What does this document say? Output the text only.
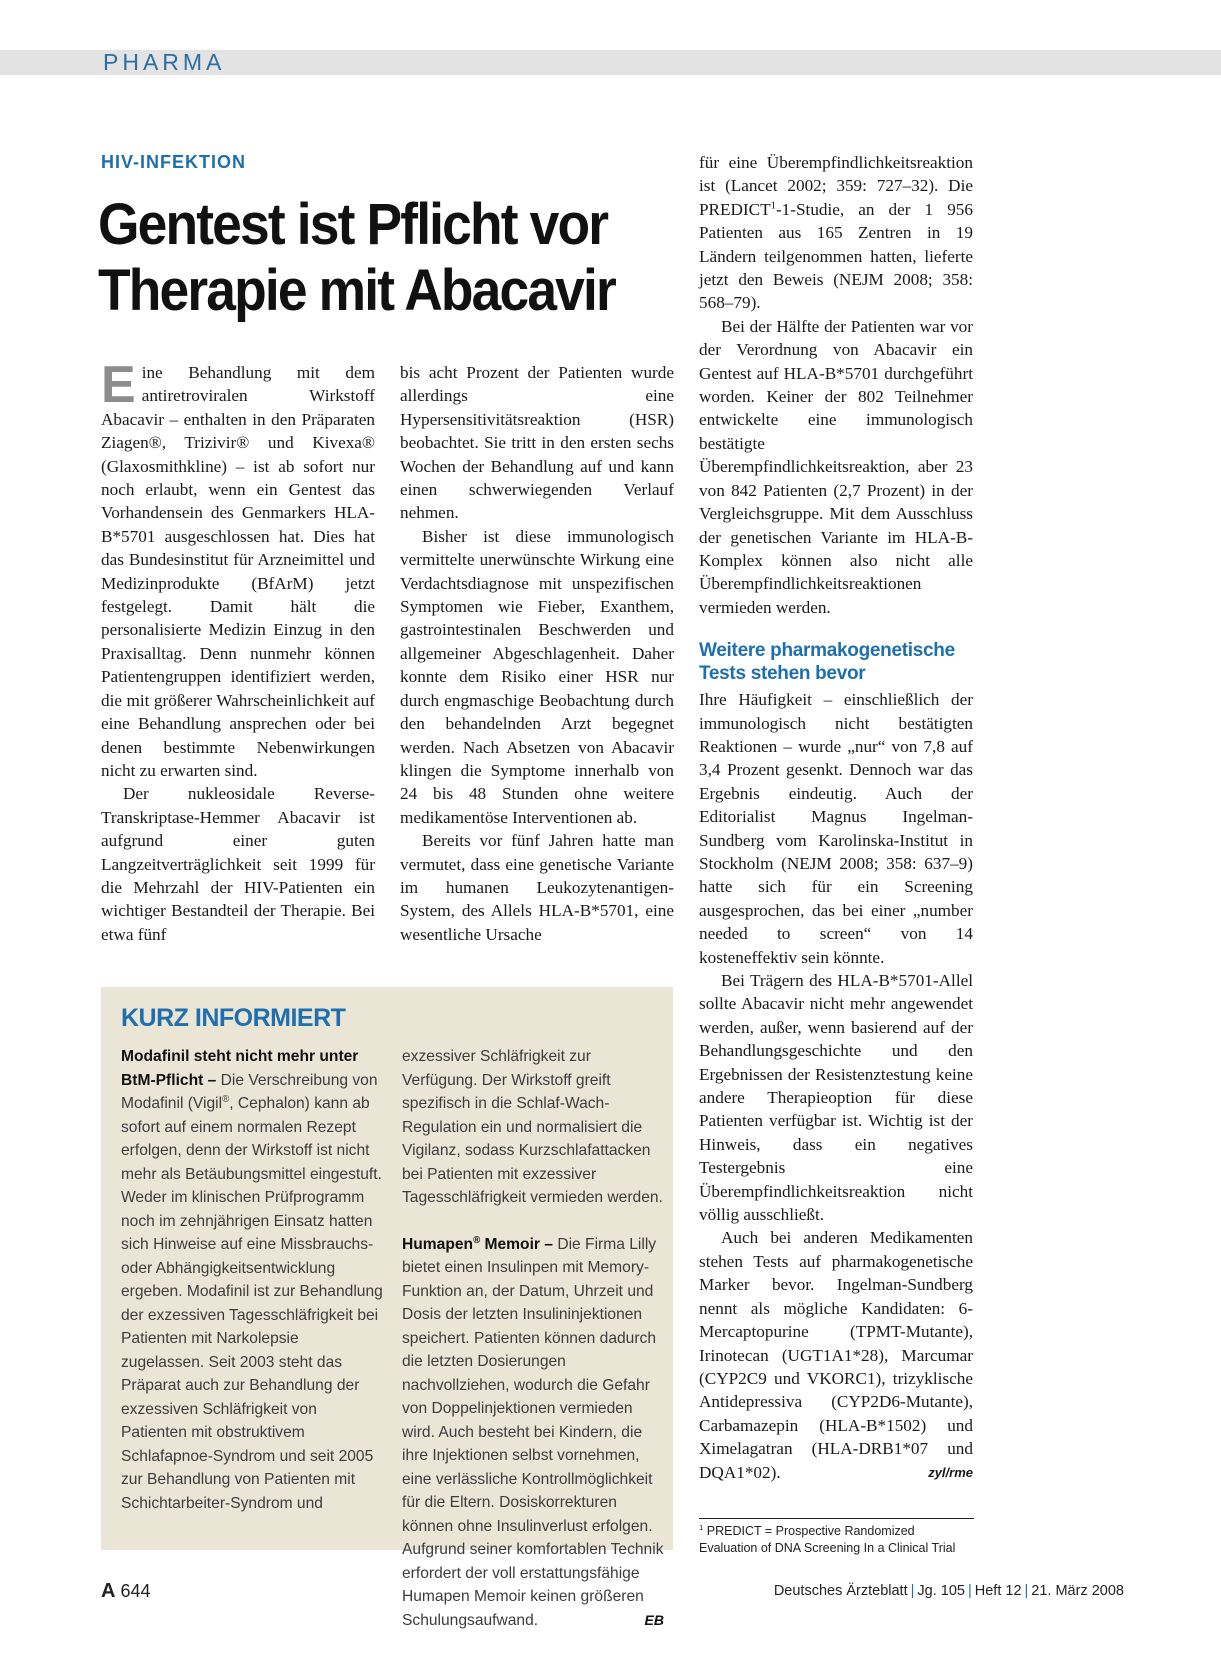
PHARMA
HIV-INFEKTION
Gentest ist Pflicht vor
Therapie mit Abacavir

Eine Behandlung mit dem antiretroviralen Wirkstoff Abacavir – enthalten in den Präparaten Ziagen®, Trizivir® und Kivexa® (Glaxosmithkline) – ist ab sofort nur noch erlaubt, wenn ein Gentest das Vorhandensein des Genmarkers HLA-B*5701 ausgeschlossen hat. Dies hat das Bundesinstitut für Arzneimittel und Medizinprodukte (BfArM) jetzt festgelegt. Damit hält die personalisierte Medizin Einzug in den Praxisalltag. Denn nunmehr können Patientengruppen identifiziert werden, die mit größerer Wahrscheinlichkeit auf eine Behandlung ansprechen oder bei denen bestimmte Nebenwirkungen nicht zu erwarten sind.

Der nukleosidale Reverse-Transkriptase-Hemmer Abacavir ist aufgrund einer guten Langzeitverträglichkeit seit 1999 für die Mehrzahl der HIV-Patienten ein wichtiger Bestandteil der Therapie. Bei etwa fünf

bis acht Prozent der Patienten wurde allerdings eine Hypersensitivitätsreaktion (HSR) beobachtet. Sie tritt in den ersten sechs Wochen der Behandlung auf und kann einen schwerwiegenden Verlauf nehmen.

Bisher ist diese immunologisch vermittelte unerwünschte Wirkung eine Verdachtsdiagnose mit unspezifischen Symptomen wie Fieber, Exanthem, gastrointestinalen Beschwerden und allgemeiner Abgeschlagenheit. Daher konnte dem Risiko einer HSR nur durch engmaschige Beobachtung durch den behandelnden Arzt begegnet werden. Nach Absetzen von Abacavir klingen die Symptome innerhalb von 24 bis 48 Stunden ohne weitere medikamentöse Interventionen ab.

Bereits vor fünf Jahren hatte man vermutet, dass eine genetische Variante im humanen Leukozytenantigen-System, des Allels HLA-B*5701, eine wesentliche Ursache

für eine Überempfindlichkeitsreaktion ist (Lancet 2002; 359: 727–32). Die PREDICT$^1$-1-Studie, an der 1 956 Patienten aus 165 Zentren in 19 Ländern teilgenommen hatten, lieferte jetzt den Beweis (NEJM 2008; 358: 568–79).

Bei der Hälfte der Patienten war vor der Verordnung von Abacavir ein Gentest auf HLA-B*5701 durchgeführt worden. Keiner der 802 Teilnehmer entwickelte eine immunologisch bestätigte Überempfindlichkeitsreaktion, aber 23 von 842 Patienten (2,7 Prozent) in der Vergleichsgruppe. Mit dem Ausschluss der genetischen Variante im HLA-B-Komplex können also nicht alle Überempfindlichkeitsreaktionen vermieden werden.

Weitere pharmakogenetische Tests stehen bevor

Ihre Häufigkeit – einschließlich der immunologisch nicht bestätigten Reaktionen – wurde „nur“ von 7,8 auf 3,4 Prozent gesenkt. Dennoch war das Ergebnis eindeutig. Auch der Editorialist Magnus Ingelman-Sundberg vom Karolinska-Institut in Stockholm (NEJM 2008; 358: 637–9) hatte sich für ein Screening ausgesprochen, das bei einer „number needed to screen“ von 14 kosteneffektiv sein könnte.

Bei Trägern des HLA-B*5701-Allel sollte Abacavir nicht mehr angewendet werden, außer, wenn basierend auf der Behandlungsgeschichte und den Ergebnissen der Resistenztestung keine andere Therapieoption für diese Patienten verfügbar ist. Wichtig ist der Hinweis, dass ein negatives Testergebnis eine Überempfindlichkeitsreaktion nicht völlig ausschließt.

Auch bei anderen Medikamenten stehen Tests auf pharmakogenetische Marker bevor. Ingelman-Sundberg nennt als mögliche Kandidaten: 6-Mercaptopurine (TPMT-Mutante), Irinotecan (UGT1A1*28), Marcumar (CYP2C9 und VKORC1), trizyklische Antidepressiva (CYP2D6-Mutante), Carbamazepin (HLA-B*1502) und Ximelagatran (HLA-DRB1*07 und DQA1*02).	zyl/rme

KURZ INFORMIERT

Modafinil steht nicht mehr unter BtM-Pflicht – Die Verschreibung von Modafinil (Vigil®, Cephalon) kann ab sofort auf einem normalen Rezept erfolgen, denn der Wirkstoff ist nicht mehr als Betäubungsmittel eingestuft. Weder im klinischen Prüfprogramm noch im zehnjährigen Einsatz hatten sich Hinweise auf eine Missbrauchs- oder Abhängigkeitsentwicklung ergeben. Modafinil ist zur Behandlung der exzessiven Tagesschläfrigkeit bei Patienten mit Narkolepsie zugelassen. Seit 2003 steht das Präparat auch zur Behandlung der exzessiven Schläfrigkeit von Patienten mit obstruktivem Schlafapnoe-Syndrom und seit 2005 zur Behandlung von Patienten mit Schichtarbeiter-Syndrom und

exzessiver Schläfrigkeit zur Verfügung. Der Wirkstoff greift spezifisch in die Schlaf-Wach-Regulation ein und normalisiert die Vigilanz, sodass Kurzschlafattacken bei Patienten mit exzessiver Tagesschläfrigkeit vermieden werden.

Humapen® Memoir – Die Firma Lilly bietet einen Insulinpen mit Memory-Funktion an, der Datum, Uhrzeit und Dosis der letzten Insulininjektionen speichert. Patienten können dadurch die letzten Dosierungen nachvollziehen, wodurch die Gefahr von Doppelinjektionen vermieden wird. Auch besteht bei Kindern, die ihre Injektionen selbst vornehmen, eine verlässliche Kontrollmöglichkeit für die Eltern. Dosiskorrekturen können ohne Insulinverlust erfolgen. Aufgrund seiner komfortablen Technik erfordert der voll erstattungsfähige Humapen Memoir keinen größeren Schulungsaufwand.	EB

$^1$ PREDICT = Prospective Randomized Evaluation of DNA Screening In a Clinical Trial
A 644	Deutsches Ärzteblatt | Jg. 105 | Heft 12 | 21. März 2008
